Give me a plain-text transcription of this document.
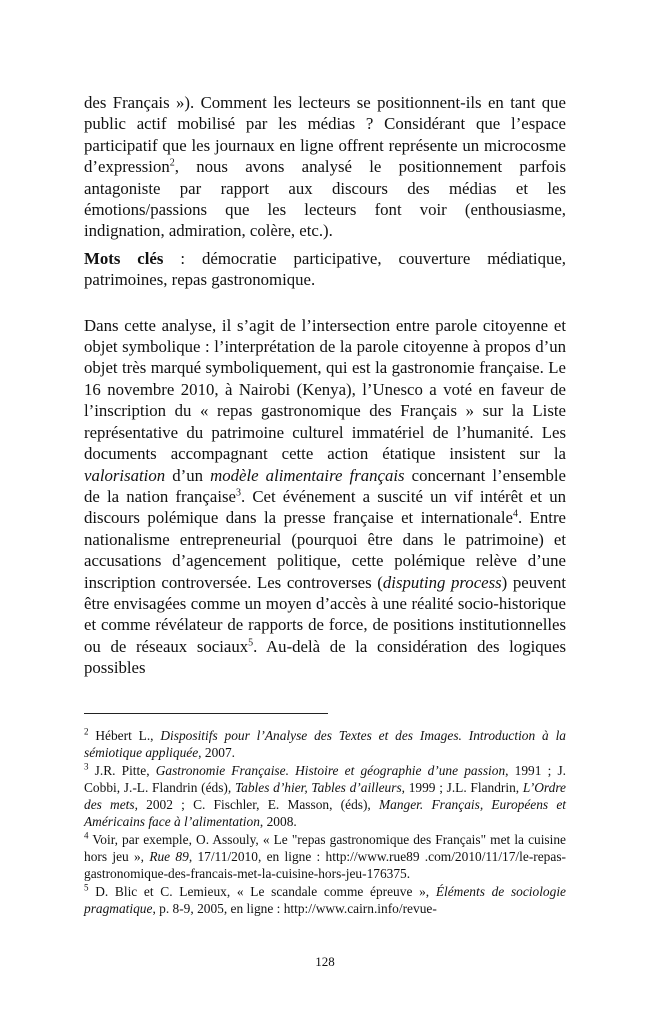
des Français »). Comment les lecteurs se positionnent-ils en tant que public actif mobilisé par les médias ? Considérant que l’espace participatif que les journaux en ligne offrent représente un microcosme d’expression$^2$, nous avons analysé le positionnement parfois antagoniste par rapport aux discours des médias et les émotions/passions que les lecteurs font voir (enthousiasme, indignation, admiration, colère, etc.).

Mots clés : démocratie participative, couverture médiatique, patrimoines, repas gastronomique.

Dans cette analyse, il s’agit de l’intersection entre parole citoyenne et objet symbolique : l’interprétation de la parole citoyenne à propos d’un objet très marqué symboliquement, qui est la gastronomie française. Le 16 novembre 2010, à Nairobi (Kenya), l’Unesco a voté en faveur de l’inscription du « repas gastronomique des Français » sur la Liste représentative du patrimoine culturel immatériel de l’humanité. Les documents accompagnant cette action étatique insistent sur la valorisation d’un modèle alimentaire français concernant l’ensemble de la nation française$^3$. Cet événement a suscité un vif intérêt et un discours polémique dans la presse française et internationale$^4$. Entre nationalisme entrepreneurial (pourquoi être dans le patrimoine) et accusations d’agencement politique, cette polémique relève d’une inscription controversée. Les controverses (disputing process) peuvent être envisagées comme un moyen d’accès à une réalité socio-historique et comme révélateur de rapports de force, de positions institutionnelles ou de réseaux sociaux$^5$. Au-delà de la considération des logiques possibles

$^2$ Hébert L., Dispositifs pour l’Analyse des Textes et des Images. Introduction à la sémiotique appliquée, 2007.

$^3$ J.R. Pitte, Gastronomie Française. Histoire et géographie d’une passion, 1991 ; J. Cobbi, J.-L. Flandrin (éds), Tables d’hier, Tables d’ailleurs, 1999 ; J.L. Flandrin, L’Ordre des mets, 2002 ; C. Fischler, E. Masson, (éds), Manger. Français, Européens et Américains face à l’alimentation, 2008.

$^4$ Voir, par exemple, O. Assouly, « Le "repas gastronomique des Français" met la cuisine hors jeu », Rue 89, 17/11/2010, en ligne : http://www.rue89 .com/2010/11/17/le-repas-gastronomique-des-francais-met-la-cuisine-hors-jeu-176375.

$^5$ D. Blic et C. Lemieux, « Le scandale comme épreuve », Éléments de sociologie pragmatique, p. 8-9, 2005, en ligne : http://www.cairn.info/revue-

128
